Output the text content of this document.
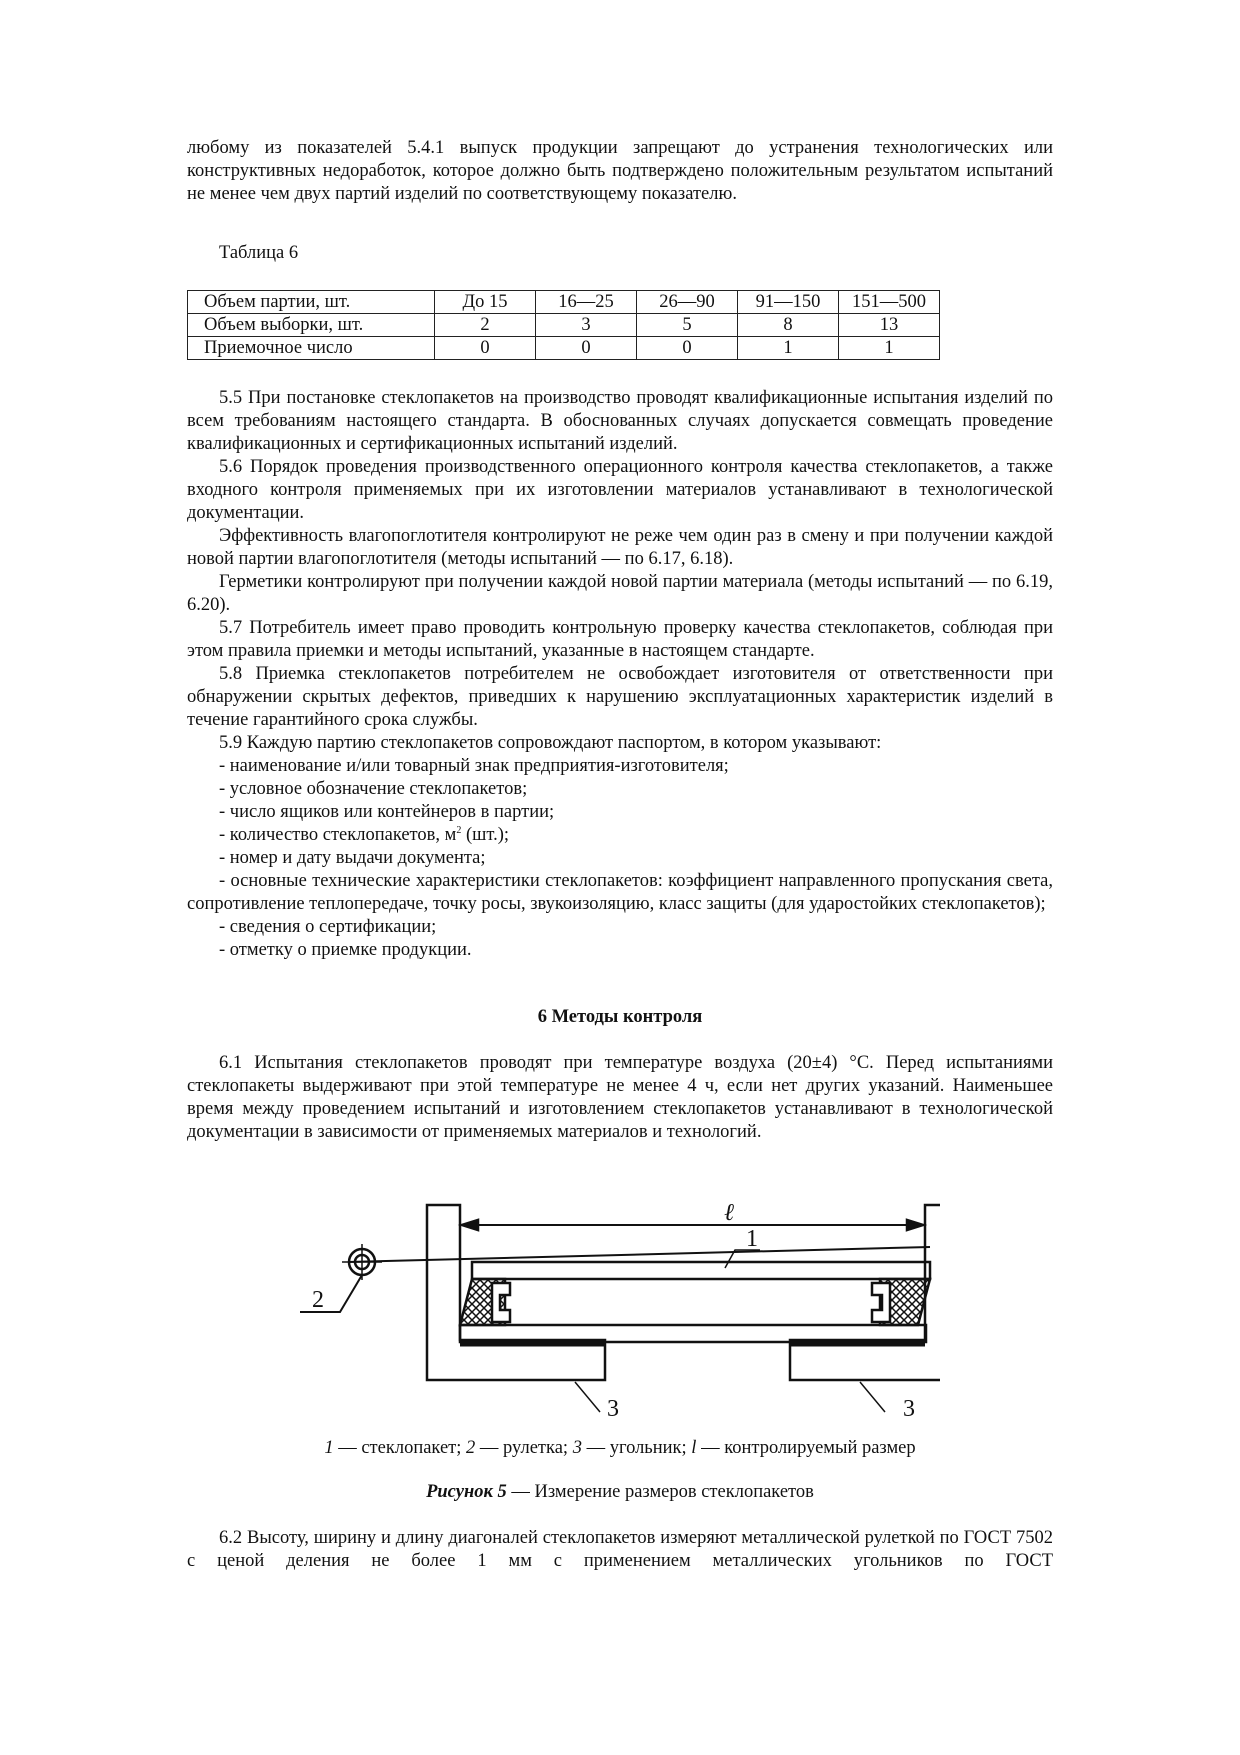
любому из показателей 5.4.1 выпуск продукции запрещают до устранения технологических или конструктивных недоработок, которое должно быть подтверждено положительным результатом испытаний не менее чем двух партий изделий по соответствующему показателю.

Таблица 6
Объем партии, шт.	До 15	16—25	26—90	91—150	151—500
Объем выборки, шт.	2	3	5	8	13
Приемочное число	0	0	0	1	1

5.5 При постановке стеклопакетов на производство проводят квалификационные испытания изделий по всем требованиям настоящего стандарта. В обоснованных случаях допускается совмещать проведение квалификационных и сертификационных испытаний изделий.

5.6 Порядок проведения производственного операционного контроля качества стеклопакетов, а также входного контроля применяемых при их изготовлении материалов устанавливают в технологической документации.

Эффективность влагопоглотителя контролируют не реже чем один раз в смену и при получении каждой новой партии влагопоглотителя (методы испытаний — по 6.17, 6.18).

Герметики контролируют при получении каждой новой партии материала (методы испытаний — по 6.19, 6.20).

5.7 Потребитель имеет право проводить контрольную проверку качества стеклопакетов, соблюдая при этом правила приемки и методы испытаний, указанные в настоящем стандарте.

5.8 Приемка стеклопакетов потребителем не освобождает изготовителя от ответственности при обнаружении скрытых дефектов, приведших к нарушению эксплуатационных характеристик изделий в течение гарантийного срока службы.

5.9 Каждую партию стеклопакетов сопровождают паспортом, в котором указывают:

- наименование и/или товарный знак предприятия-изготовителя;

- условное обозначение стеклопакетов;

- число ящиков или контейнеров в партии;

- количество стеклопакетов, $м^2$ (шт.);

- номер и дату выдачи документа;

- основные технические характеристики стеклопакетов: коэффициент направленного пропускания света, сопротивление теплопередаче, точку росы, звукоизоляцию, класс защиты (для ударостойких стеклопакетов);

- сведения о сертификации;

- отметку о приемке продукции.

6 Методы контроля

6.1 Испытания стеклопакетов проводят при температуре воздуха (20±4) °С. Перед испытаниями стеклопакеты выдерживают при этой температуре не менее 4 ч, если нет других указаний. Наименьшее время между проведением испытаний и изготовлением стеклопакетов устанавливают в технологической документации в зависимости от применяемых материалов и технологий.

ℓ
1
2
3	3
1 — стеклопакет; 2 — рулетка; 3 — угольник; l — контролируемый размер
Рисунок 5 — Измерение размеров стеклопакетов

6.2 Высоту, ширину и длину диагоналей стеклопакетов измеряют металлической рулеткой по ГОСТ 7502 с ценой деления не более 1 мм с применением металлических угольников по ГОСТ
